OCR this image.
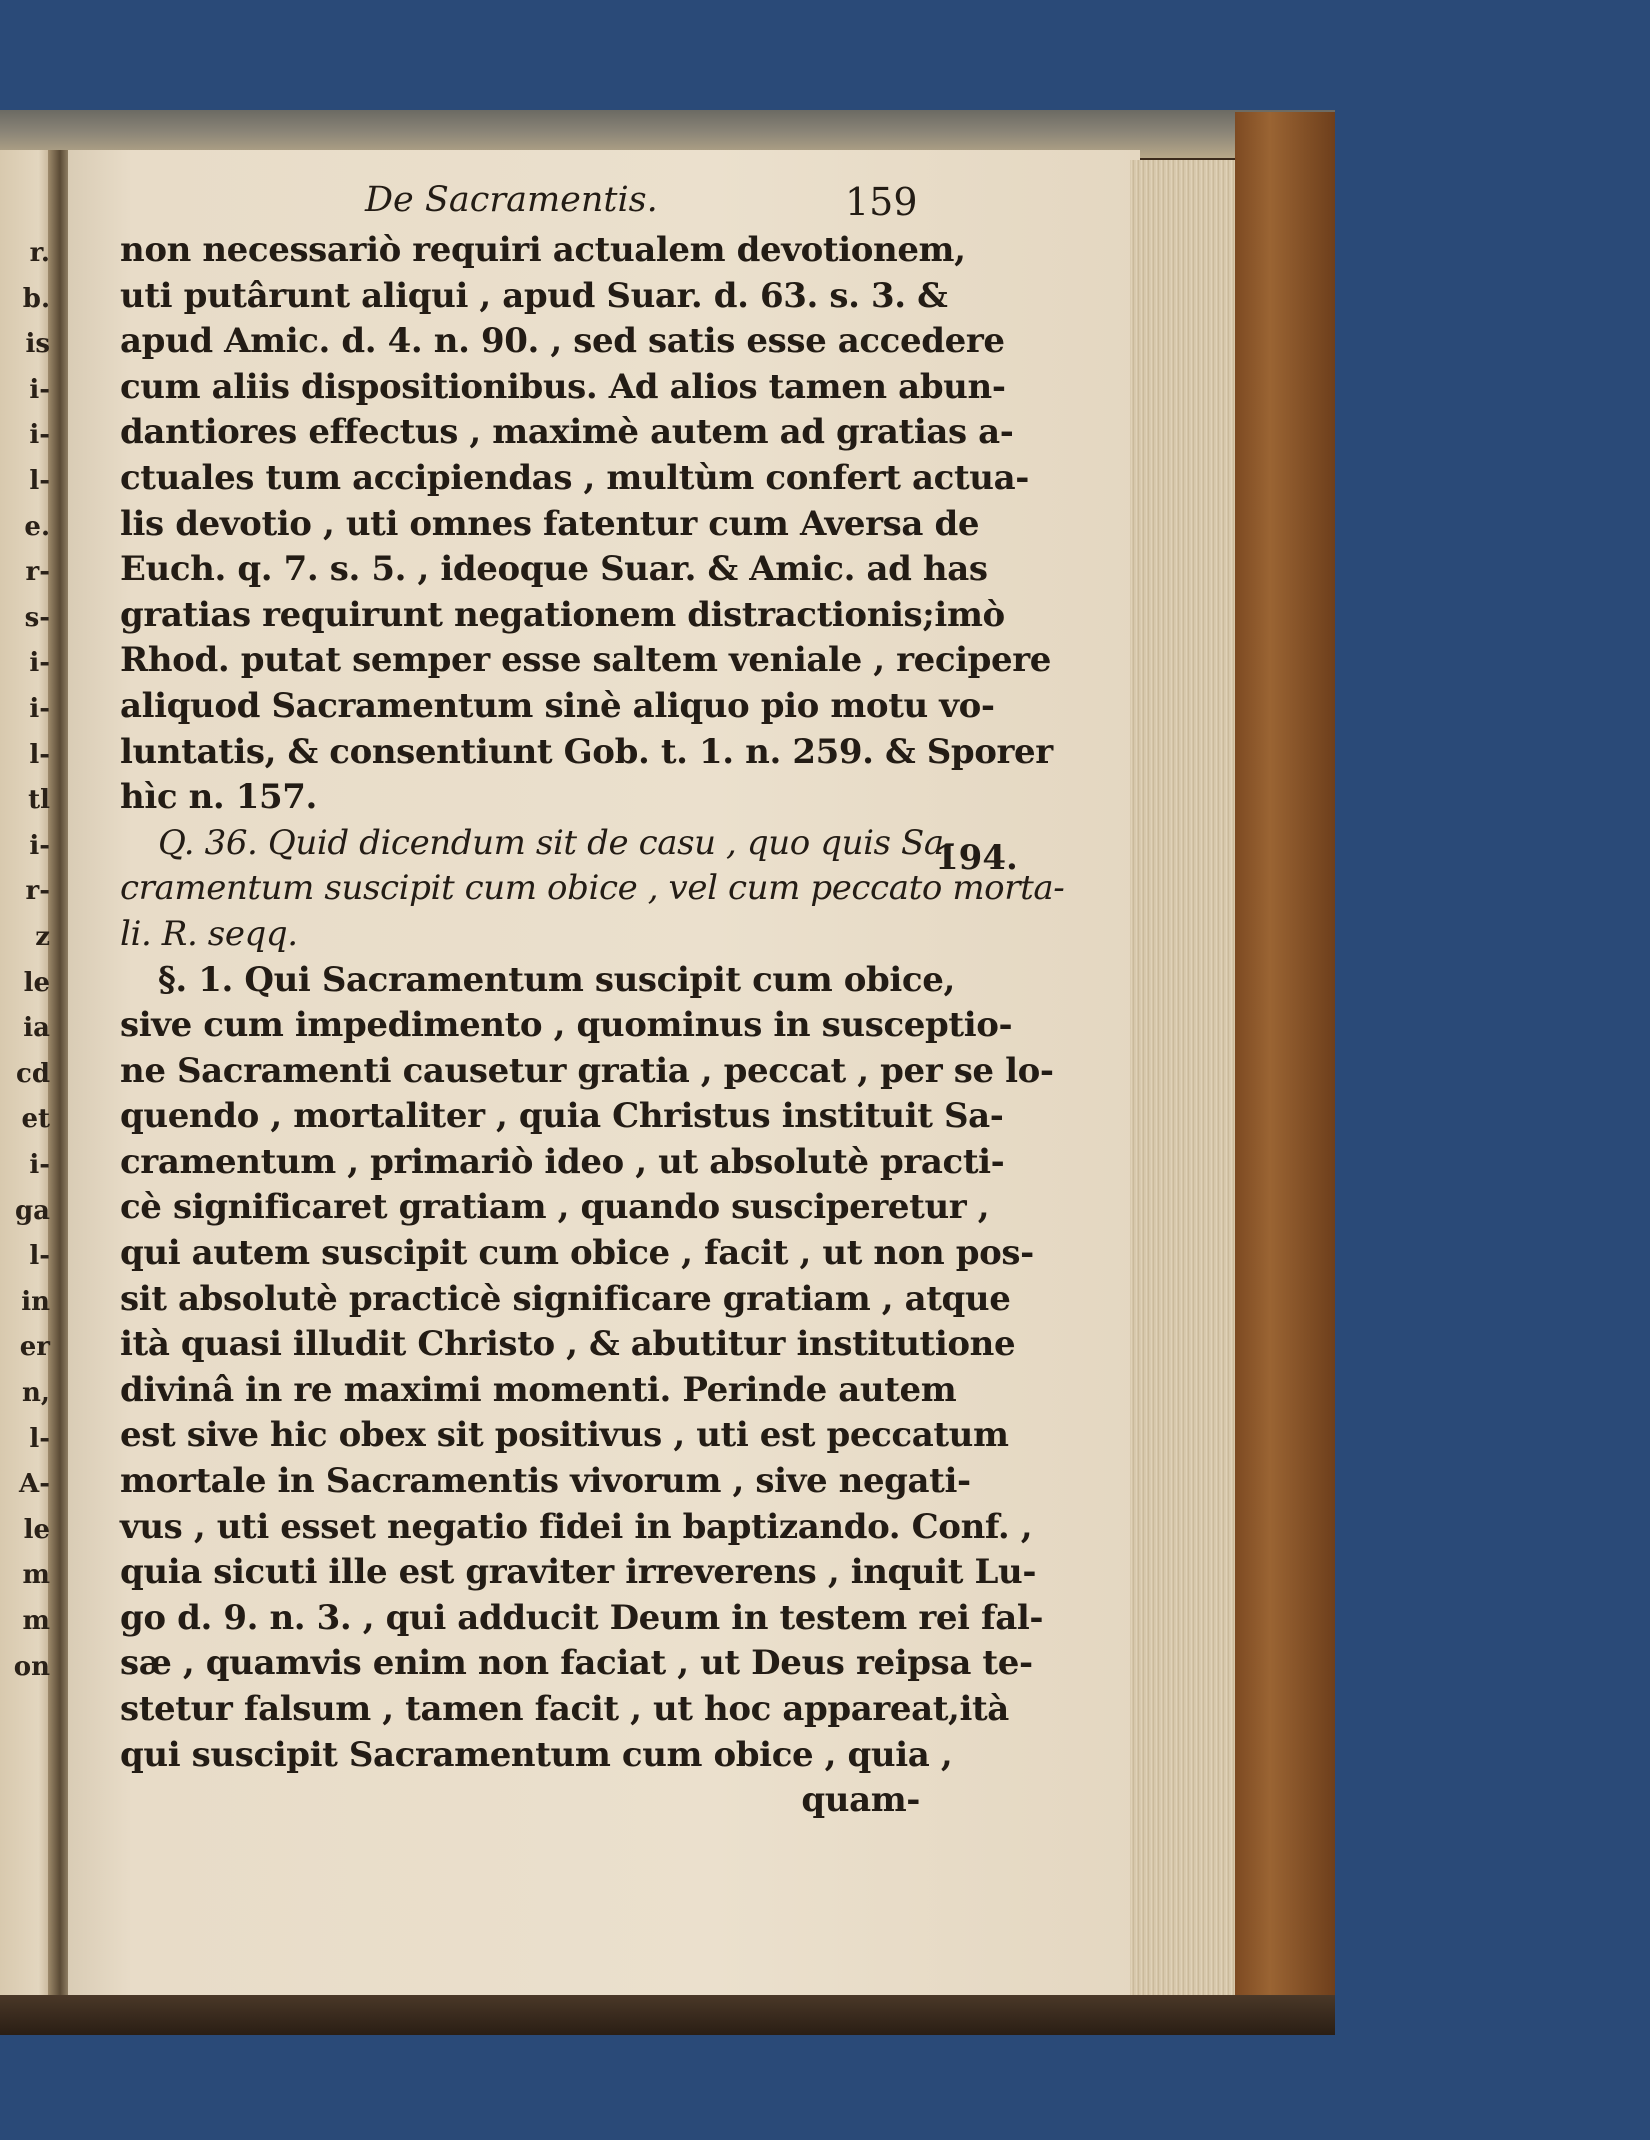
r.
b.
is
i-
i-
l-
e.
r-
s-
i-
i-
l-
tl
i-
r-
z
le
ia
cd
et
i-
ga
l-
in
er
n,
l-
A-
le
m
m
on
De Sacramentis.	159
194.
non necessariò requiri actualem devotionem,
uti putârunt aliqui , apud Suar. d. 63. s. 3. &
apud Amic. d. 4. n. 90. , sed satis esse accedere
cum aliis dispositionibus. Ad alios tamen abun-
dantiores effectus , maximè autem ad gratias a-
ctuales tum accipiendas , multùm confert actua-
lis devotio , uti omnes fatentur cum Aversa de
Euch. q. 7. s. 5. , ideoque Suar. & Amic. ad has
gratias requirunt negationem distractionis;imò
Rhod. putat semper esse saltem veniale , recipere
aliquod Sacramentum sinè aliquo pio motu vo-
luntatis, & consentiunt Gob. t. 1. n. 259. & Sporer
hìc n. 157.
Q. 36. Quid dicendum sit de casu , quo quis Sa-
cramentum suscipit cum obice , vel cum peccato morta-
li. R. seqq.
§. 1. Qui Sacramentum suscipit cum obice,
sive cum impedimento , quominus in susceptio-
ne Sacramenti causetur gratia , peccat , per se lo-
quendo , mortaliter , quia Christus instituit Sa-
cramentum , primariò ideo , ut absolutè practi-
cè significaret gratiam , quando susciperetur ,
qui autem suscipit cum obice , facit , ut non pos-
sit absolutè practicè significare gratiam , atque
ità quasi illudit Christo , & abutitur institutione
divinâ in re maximi momenti. Perinde autem
est sive hic obex sit positivus , uti est peccatum
mortale in Sacramentis vivorum , sive negati-
vus , uti esset negatio fidei in baptizando. Conf. ,
quia sicuti ille est graviter irreverens , inquit Lu-
go d. 9. n. 3. , qui adducit Deum in testem rei fal-
sæ , quamvis enim non faciat , ut Deus reipsa te-
stetur falsum , tamen facit , ut hoc appareat,ità
qui suscipit Sacramentum cum obice , quia ,
quam-
